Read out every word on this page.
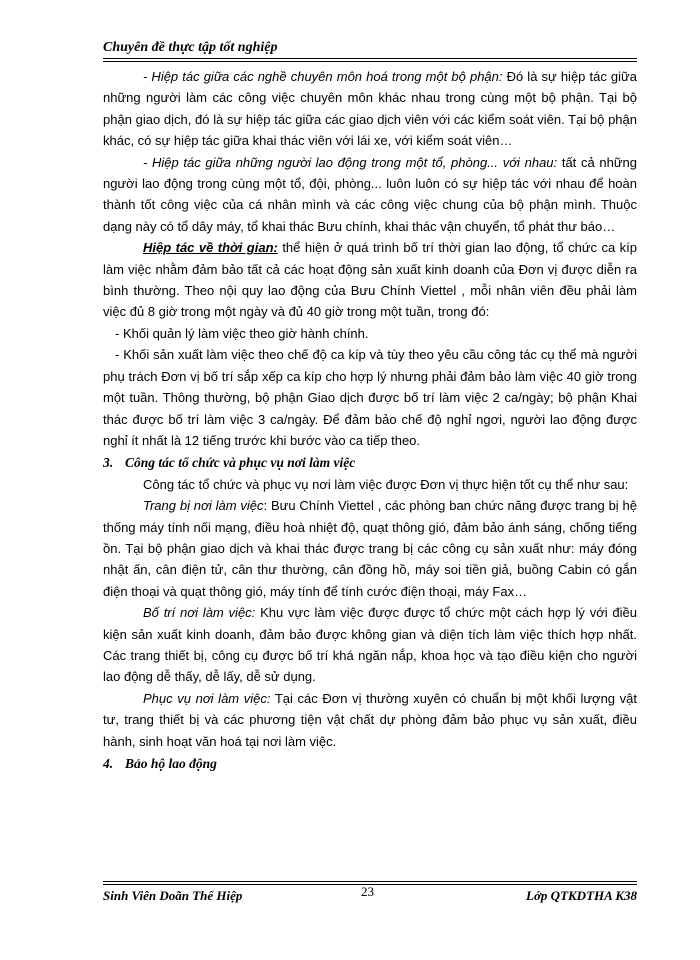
Chuyên đề thực tập tốt nghiệp

- Hiệp tác giữa các nghề chuyên môn hoá trong một bộ phận: Đó là sự hiệp tác giữa những người làm các công việc chuyên môn khác nhau trong cùng một bộ phận. Tại bộ phận giao dịch, đó là sự hiệp tác giữa các giao dịch viên với các kiểm soát viên. Tại bộ phận khác, có sự hiệp tác giữa khai thác viên với lái xe, với kiểm soát viên…

- Hiệp tác giữa những người lao động trong một tổ, phòng... với nhau: tất cả những người lao động trong cùng một tổ, đội, phòng... luôn luôn có sự hiệp tác với nhau để hoàn thành tốt công việc của cá nhân mình và các công việc chung của bộ phận mình. Thuộc dạng này có tổ dây máy, tổ khai thác Bưu chính, khai thác vận chuyển, tổ phát thư báo…

Hiệp tác về thời gian: thể hiện ở quá trình bố trí thời gian lao động, tổ chức ca kíp làm việc nhằm đảm bảo tất cả các hoạt động sản xuất kinh doanh của Đơn vị được diễn ra bình thường. Theo nội quy lao động của Bưu Chính Viettel , mỗi nhân viên đều phải làm việc đủ 8 giờ trong một ngày và đủ 40 giờ trong một tuần, trong đó:

- Khối quản lý làm việc theo giờ hành chính.

- Khối sản xuất làm việc theo chế độ ca kíp và tùy theo yêu cầu công tác cụ thể mà người phụ trách Đơn vị bố trí sắp xếp ca kíp cho hợp lý nhưng phải đảm bảo làm việc 40 giờ trong một tuần. Thông thường, bộ phận Giao dịch được bố trí làm việc 2 ca/ngày; bộ phận Khai thác được bố trí làm việc 3 ca/ngày. Để đảm bảo chế độ nghỉ ngơi, người lao động được nghỉ ít nhất là 12 tiếng trước khi bước vào ca tiếp theo.

3. Công tác tổ chức và phục vụ nơi làm việc

Công tác tổ chức và phục vụ nơi làm việc được Đơn vị thực hiện tốt cụ thể như sau:

Trang bị nơi làm việc: Bưu Chính Viettel , các phòng ban chức năng được trang bị hệ thống máy tính nối mạng, điều hoà nhiệt độ, quạt thông gió, đảm bảo ánh sáng, chống tiếng ồn. Tại bộ phận giao dịch và khai thác được trang bị các công cụ sản xuất như: máy đóng nhật ấn, cân điện tử, cân thư thường, cân đồng hồ, máy soi tiền giả, buồng Cabin có gắn điện thoại và quạt thông gió, máy tính để tính cước điện thoại, máy Fax…

Bố trí nơi làm việc: Khu vực làm việc được được tổ chức một cách hợp lý với điều kiện sản xuất kinh doanh, đảm bảo được không gian và diện tích làm việc thích hợp nhất. Các trang thiết bị, công cụ được bố trí khá ngăn nắp, khoa học và tạo điều kiện cho người lao động dễ thấy, dễ lấy, dễ sử dụng.

Phục vụ nơi làm việc: Tại các Đơn vị thường xuyên có chuẩn bị một khối lượng vật tư, trang thiết bị và các phương tiện vật chất dự phòng đảm bảo phục vụ sản xuất, điều hành, sinh hoạt văn hoá tại nơi làm việc.

4. Bảo hộ lao động
Sinh Viên Doãn Thế Hiệp	23	Lớp QTKDTHA K38
